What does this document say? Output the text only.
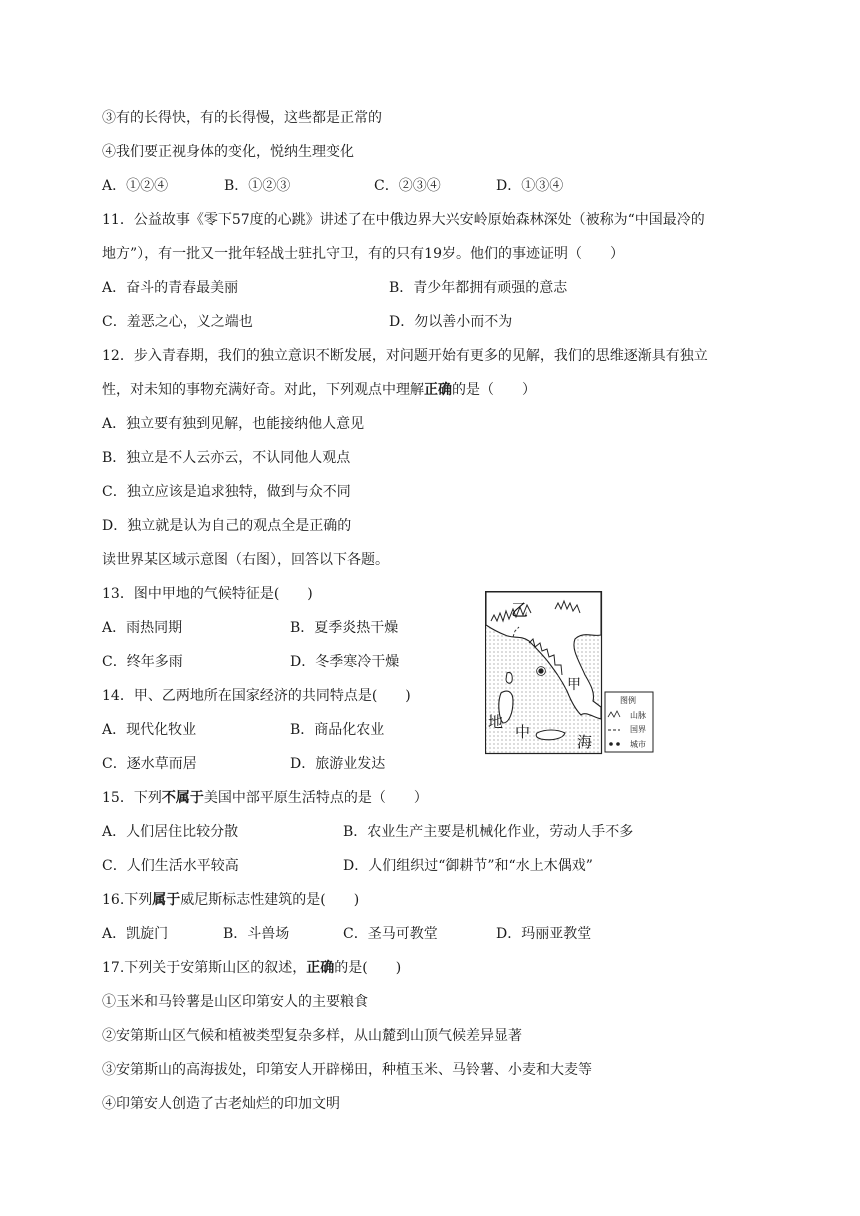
③有的长得快，有的长得慢，这些都是正常的
④我们要正视身体的变化，悦纳生理变化
A．①②④	B．①②③	C．②③④	D．①③④
11．公益故事《零下57度的心跳》讲述了在中俄边界大兴安岭原始森林深处（被称为“中国最冷的
地方”），有一批又一批年轻战士驻扎守卫，有的只有19岁。他们的事迹证明（　　）
A．奋斗的青春最美丽	B．青少年都拥有顽强的意志
C．羞恶之心，义之端也	D．勿以善小而不为
12．步入青春期，我们的独立意识不断发展，对问题开始有更多的见解，我们的思维逐渐具有独立
性，对未知的事物充满好奇。对此，下列观点中理解正确的是（　　）
A．独立要有独到见解，也能接纳他人意见
B．独立是不人云亦云，不认同他人观点
C．独立应该是追求独特，做到与众不同
D．独立就是认为自己的观点全是正确的
读世界某区域示意图（右图），回答以下各题。
13．图中甲地的气候特征是(　　)
A．雨热同期	B．夏季炎热干燥
C．终年多雨	D．冬季寒冷干燥
14．甲、乙两地所在国家经济的共同特点是(　　)
A．现代化牧业	B．商品化农业
C．逐水草而居	D．旅游业发达
乙
甲
地
中
海
图例
山脉
国界
城市
15．下列不属于美国中部平原生活特点的是（　　）
A．人们居住比较分散	B．农业生产主要是机械化作业，劳动人手不多
C．人们生活水平较高	D．人们组织过“御耕节”和“水上木偶戏”
16.下列属于威尼斯标志性建筑的是(　　)
A．凯旋门	B．斗兽场	C．圣马可教堂	D．玛丽亚教堂
17.下列关于安第斯山区的叙述，正确的是(　　)
①玉米和马铃薯是山区印第安人的主要粮食
②安第斯山区气候和植被类型复杂多样，从山麓到山顶气候差异显著
③安第斯山的高海拔处，印第安人开辟梯田，种植玉米、马铃薯、小麦和大麦等
④印第安人创造了古老灿烂的印加文明
